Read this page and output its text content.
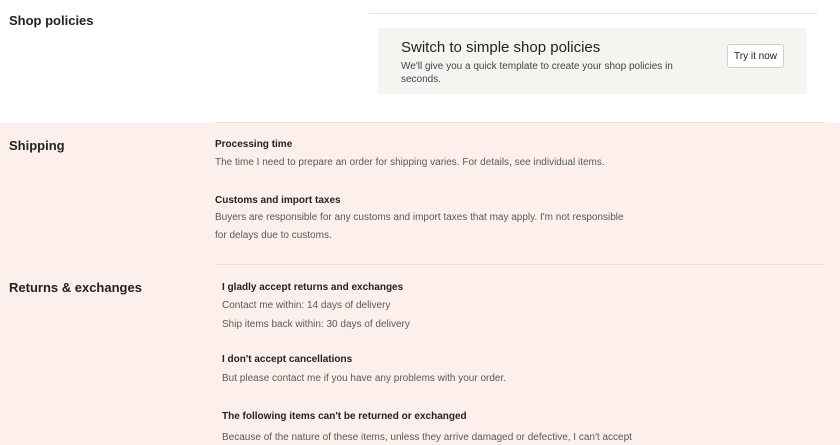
Shop policies
Switch to simple shop policies
We'll give you a quick template to create your shop policies in seconds.
Try it now
Shipping	Processing time
The time I need to prepare an order for shipping varies. For details, see individual items.
Customs and import taxes
Buyers are responsible for any customs and import taxes that may apply. I'm not responsible for delays due to customs.
Returns & exchanges	I gladly accept returns and exchanges
Contact me within: 14 days of delivery
Ship items back within: 30 days of delivery
I don't accept cancellations
But please contact me if you have any problems with your order.
The following items can't be returned or exchanged
Because of the nature of these items, unless they arrive damaged or defective, I can't accept
